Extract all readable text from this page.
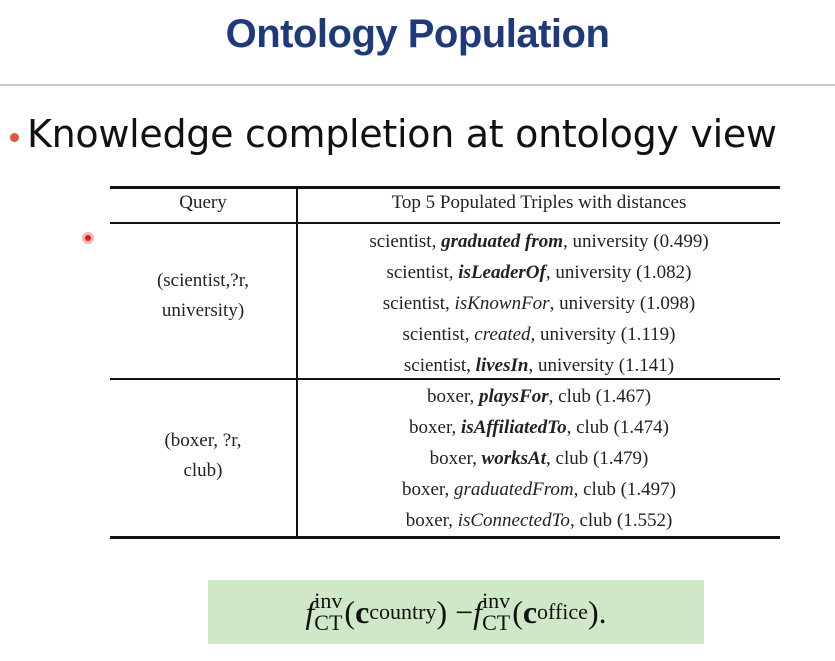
Ontology Population
Knowledge completion at ontology view
Query	Top 5 Populated Triples with distances
(scientist,?r,
university)
(boxer, ?r,
club)
scientist, graduated from, university (0.499)
scientist, isLeaderOf, university (1.082)
scientist, isKnownFor, university (1.098)
scientist, created, university (1.119)
scientist, livesIn, university (1.141)
boxer, playsFor, club (1.467)
boxer, isAffiliatedTo, club (1.474)
boxer, worksAt, club (1.479)
boxer, graduatedFrom, club (1.497)
boxer, isConnectedTo, club (1.552)
f inv
CT ( c country ) − f inv
CT ( c office ).
